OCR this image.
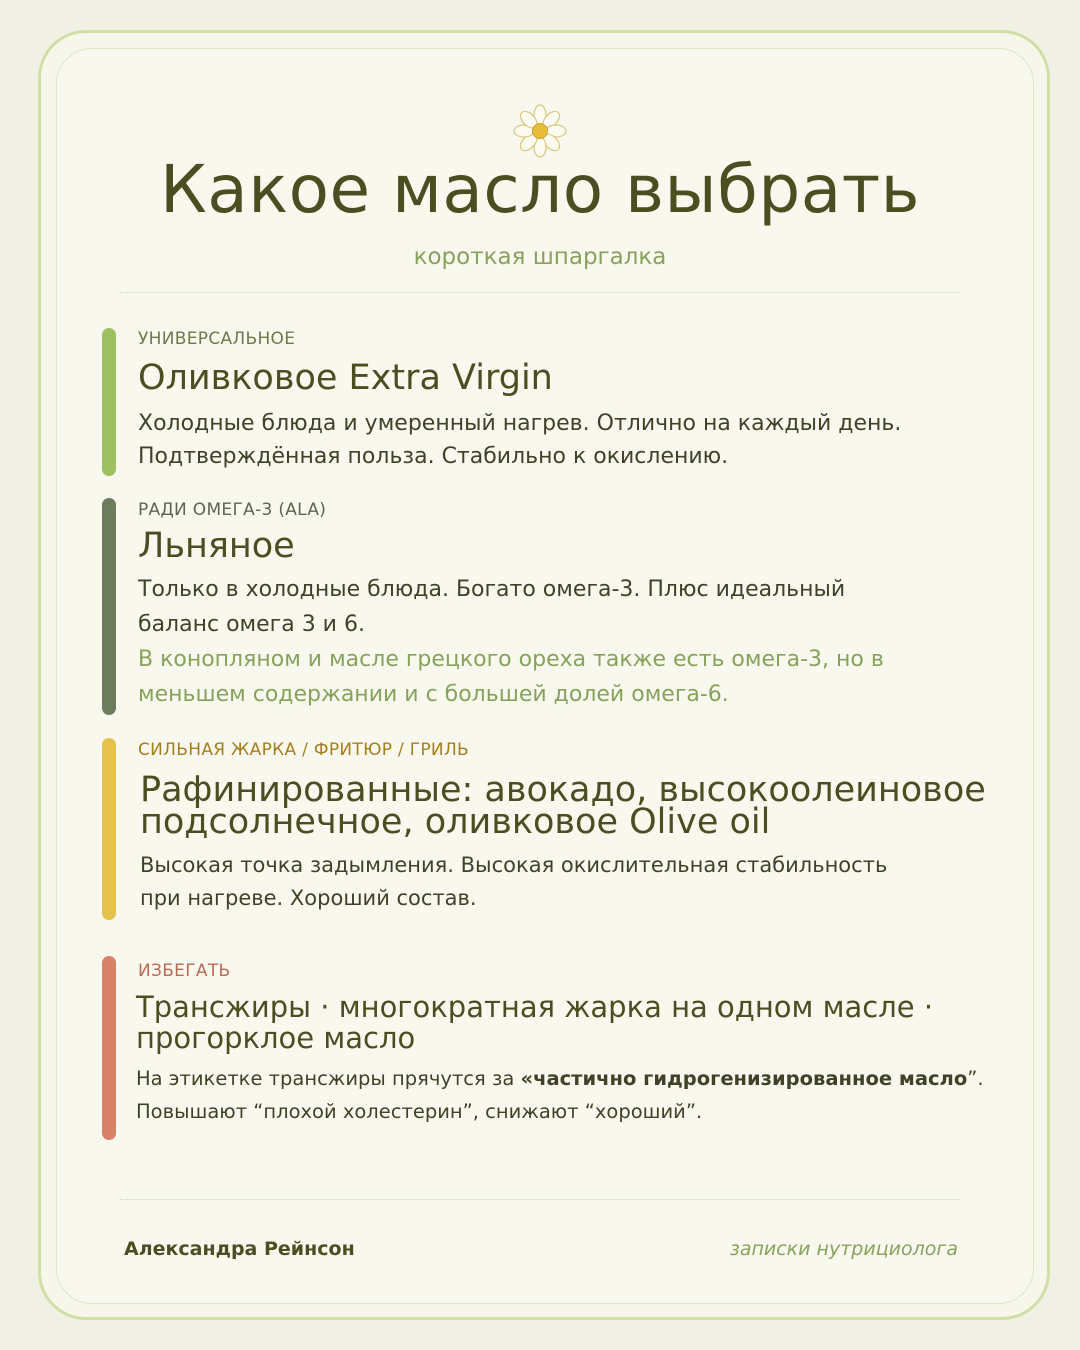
Какое масло выбрать
короткая шпаргалка
УНИВЕРСАЛЬНОЕ
Оливковое Extra Virgin
Холодные блюда и умеренный нагрев. Отлично на каждый день.
Подтверждённая польза. Стабильно к окислению.
РАДИ ОМЕГА-3 (ALA)
Льняное
Только в холодные блюда. Богато омега-3. Плюс идеальный
баланс омега 3 и 6.
В конопляном и масле грецкого ореха также есть омега-3, но в
меньшем содержании и с большей долей омега-6.
СИЛЬНАЯ ЖАРКА / ФРИТЮР / ГРИЛЬ
Рафинированные: авокадо, высокоолеиновое
подсолнечное, оливковое Olive oil
Высокая точка задымления. Высокая окислительная стабильность
при нагреве. Хороший состав.
ИЗБЕГАТЬ
Трансжиры · многократная жарка на одном масле ·
прогорклое масло
На этикетке трансжиры прячутся за «частично гидрогенизированное масло”.
Повышают “плохой холестерин”, снижают “хороший”.
Александра Рейнсон	записки нутрициолога
